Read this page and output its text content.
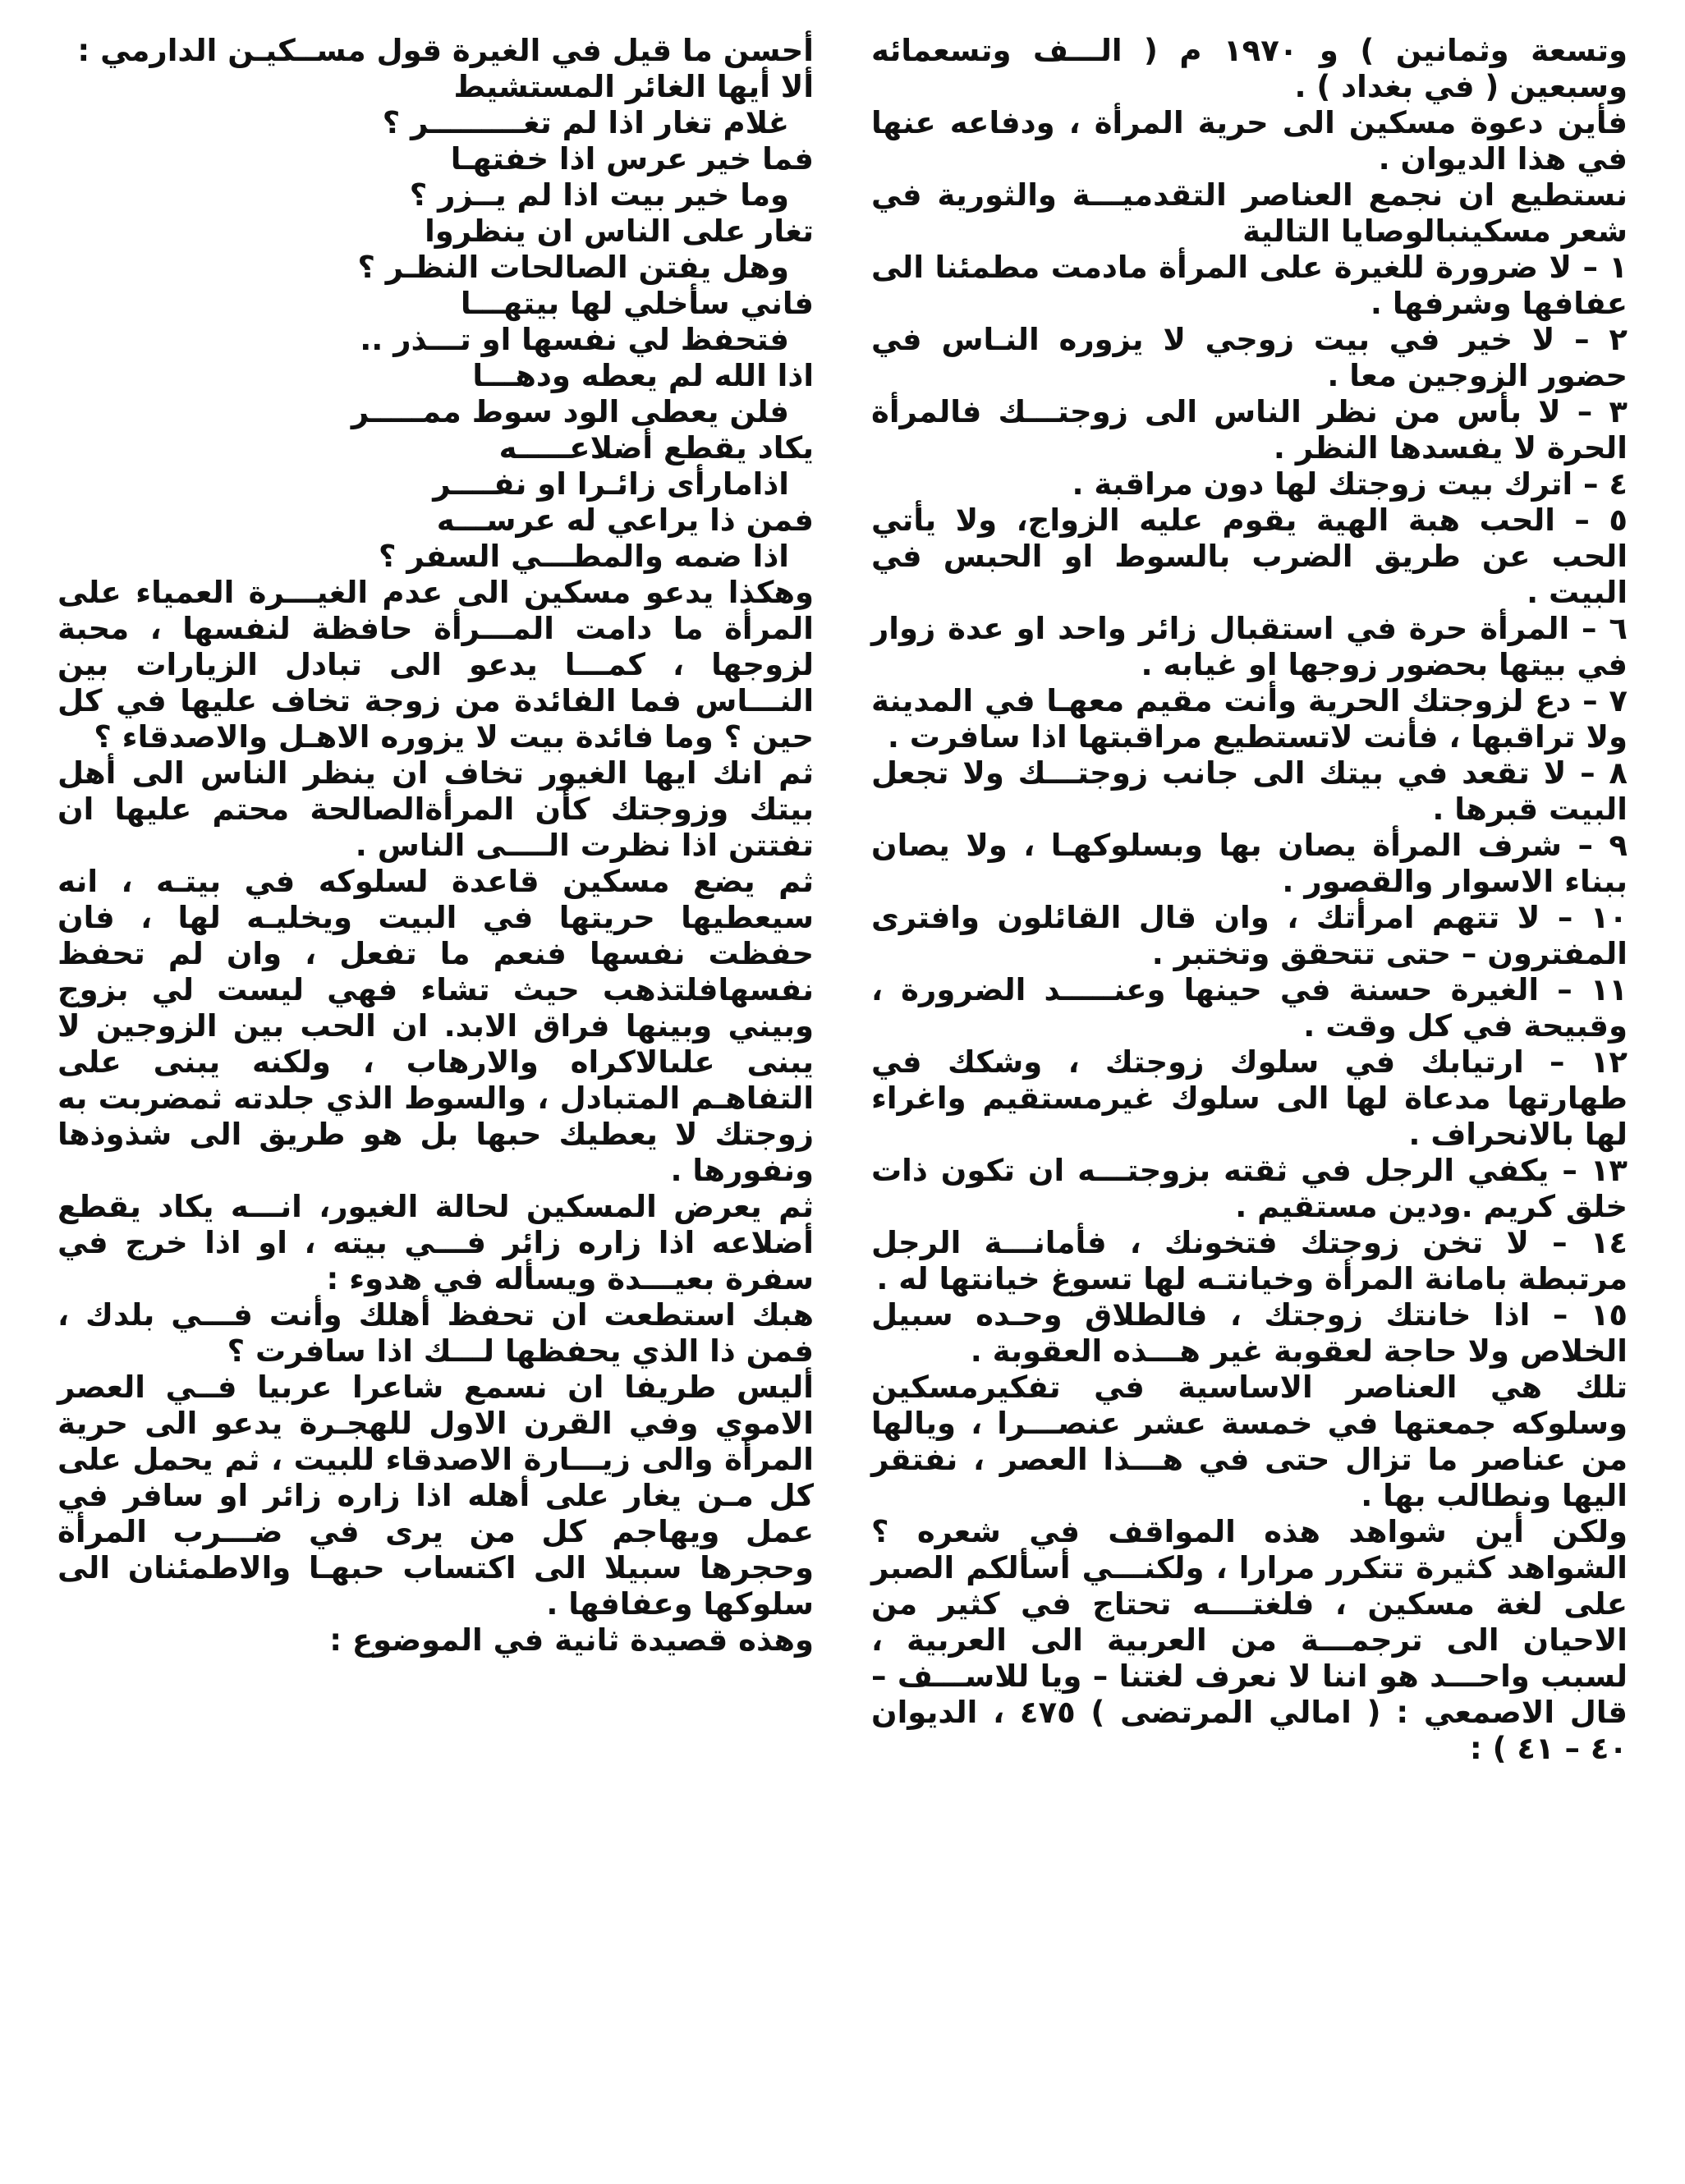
وتسعة وثمانين ) و ١٩٧٠ م ( الـــف وتسعمائه وسبعين ( في بغداد ) .

فأين دعوة مسكين الى حرية المرأة ، ودفاعه عنها في هذا الديوان .

نستطيع ان نجمع العناصر التقدميـــة والثورية في شعر مسكينبالوصايا التالية

١ – لا ضرورة للغيرة على المرأة مادمت مطمئنا الى عفافها وشرفها .

٢ – لا خير في بيت زوجي لا يزوره النـاس في حضور الزوجين معا .

٣ – لا بأس من نظر الناس الى زوجتـــك فالمرأة الحرة لا يفسدها النظر .

٤ – اترك بيت زوجتك لها دون مراقبة .

٥ – الحب هبة الهية يقوم عليه الزواج، ولا يأتي الحب عن طريق الضرب بالسوط او الحبس في البيت .

٦ – المرأة حرة في استقبال زائر واحد او عدة زوار في بيتها بحضور زوجها او غيابه .

٧ – دع لزوجتك الحرية وأنت مقيم معهـا في المدينة ولا تراقبها ، فأنت لاتستطيع مراقبتها اذا سافرت .

٨ – لا تقعد في بيتك الى جانب زوجتـــك ولا تجعل البيت قبرها .

٩ – شرف المرأة يصان بها وبسلوكهـا ، ولا يصان ببناء الاسوار والقصور .

١٠ – لا تتهم امرأتك ، وان قال القائلون وافترى المفترون – حتى تتحقق وتختبر .

١١ – الغيرة حسنة في حينها وعنـــــد الضرورة ، وقبيحة في كل وقت .

١٢ – ارتيابك في سلوك زوجتك ، وشكك في طهارتها مدعاة لها الى سلوك غيرمستقيم واغراء لها بالانحراف .

١٣ – يكفي الرجل في ثقته بزوجتـــه ان تكون ذات خلق كريم .ودين مستقيم .

١٤ – لا تخن زوجتك فتخونك ، فأمانـــة الرجل مرتبطة بامانة المرأة وخيانتـه لها تسوغ خيانتها له .

١٥ – اذا خانتك زوجتك ، فالطلاق وحـده سبيل الخلاص ولا حاجة لعقوبة غير هـــذه العقوبة .

تلك هي العناصر الاساسية في تفكيرمسكين وسلوكه جمعتها في خمسة عشر عنصـــرا ، ويالها من عناصر ما تزال حتى في هـــذا العصر ، نفتقر اليها ونطالب بها .

ولكن أين شواهد هذه المواقف في شعره ؟ الشواهد كثيرة تتكرر مرارا ، ولكنـــي أسألكم الصبر على لغة مسكين ، فلغتــــه تحتاج في كثير من الاحيان الى ترجمـــة من العربية الى العربية ، لسبب واحـــد هو اننا لا نعرف لغتنا – ويا للاســـف – قال الاصمعي : ( امالي المرتضى ) ٤٧٥ ، الديوان ٤٠ – ٤١ ) :

أحسن ما قيل في الغيرة قول مســكيـن الدارمي :

ألا أيها الغائر المستشيط

غلام تغار اذا لم تغـــــــــر ؟

فما خير عرس اذا خفتهـا

وما خير بيت اذا لم يــزر ؟

تغار على الناس ان ينظروا

وهل يفتن الصالحات النظـر ؟

فاني سأخلي لها بيتهـــا

فتحفظ لي نفسها او تـــذر ..

اذا الله لم يعطه ودهـــا

فلن يعطى الود سوط ممـــــر

يكاد يقطع أضلاعـــــه

اذامارأى زائـرا او نفــــر

فمن ذا يراعي له عرســـه

اذا ضمه والمطـــي السفر ؟

وهكذا يدعو مسكين الى عدم الغيـــرة العمياء على المرأة ما دامت المـــرأة حافظة لنفسها ، محبة لزوجها ، كمـــا يدعو الى تبادل الزيارات بين النـــاس فما الفائدة من زوجة تخاف عليها في كل حين ؟ وما فائدة بيت لا يزوره الاهـل والاصدقاء ؟

ثم انك ايها الغيور تخاف ان ينظر الناس الى أهل بيتك وزوجتك كأن المرأةالصالحة محتم عليها ان تفتتن اذا نظرت الــــى الناس .

ثم يضع مسكين قاعدة لسلوكه في بيتـه ، انه سيعطيها حريتها في البيت ويخليـه لها ، فان حفظت نفسها فنعم ما تفعل ، وان لم تحفظ نفسهافلتذهب حيث تشاء فهي ليست لي بزوج وبيني وبينها فراق الابد. ان الحب بين الزوجين لا يبنى علىالاكراه والارهاب ، ولكنه يبنى على التفاهـم المتبادل ، والسوط الذي جلدته ثمضربت به زوجتك لا يعطيك حبها بل هو طريق الى شذوذها ونفورها .

ثم يعرض المسكين لحالة الغيور، انـــه يكاد يقطع أضلاعه اذا زاره زائر فـــي بيته ، او اذا خرج في سفرة بعيـــدة ويسأله في هدوء :

هبك استطعت ان تحفظ أهلك وأنت فـــي بلدك ، فمن ذا الذي يحفظها لـــك اذا سافرت ؟

أليس طريفا ان نسمع شاعرا عربيا فــي العصر الاموي وفي القرن الاول للهجـرة يدعو الى حرية المرأة والى زيـــارة الاصدقاء للبيت ، ثم يحمل على كل مـن يغار على أهله اذا زاره زائر او سافر في عمل ويهاجم كل من يرى في ضـــرب المرأة وحجرها سبيلا الى اكتساب حبهـا والاطمئنان الى سلوكها وعفافها .

وهذه قصيدة ثانية في الموضوع :
